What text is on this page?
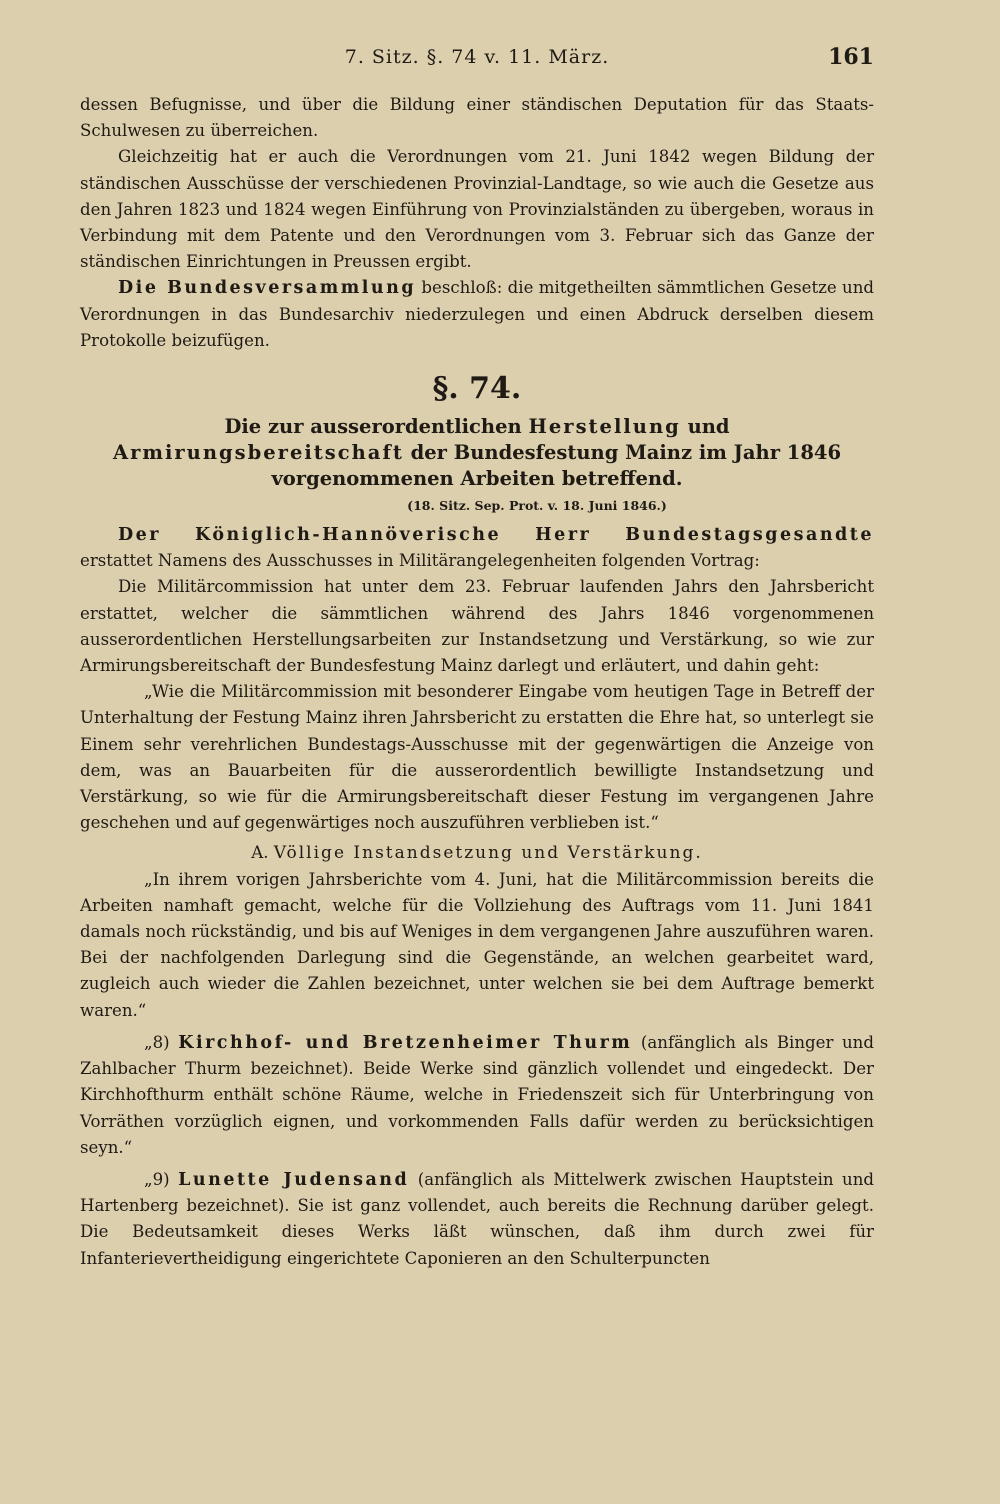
7. Sitz. §. 74 v. 11. März.	161

dessen Befugnisse, und über die Bildung einer ständischen Deputation für das Staats-Schulwesen zu überreichen.

Gleichzeitig hat er auch die Verordnungen vom 21. Juni 1842 wegen Bildung der ständischen Ausschüsse der verschiedenen Provinzial-Landtage, so wie auch die Gesetze aus den Jahren 1823 und 1824 wegen Einführung von Provinzialständen zu übergeben, woraus in Verbindung mit dem Patente und den Verordnungen vom 3. Februar sich das Ganze der ständischen Einrichtungen in Preussen ergibt.

Die Bundesversammlung beschloß: die mitgetheilten sämmtlichen Gesetze und Verordnungen in das Bundesarchiv niederzulegen und einen Abdruck derselben diesem Protokolle beizufügen.

§. 74.
Die zur ausserordentlichen Herstellung und Armirungsbereitschaft der Bundesfestung Mainz im Jahr 1846 vorgenommenen Arbeiten betreffend.
(18. Sitz. Sep. Prot. v. 18. Juni 1846.)

Der Königlich-Hannöverische Herr Bundestagsgesandte erstattet Namens des Ausschusses in Militärangelegenheiten folgenden Vortrag:

Die Militärcommission hat unter dem 23. Februar laufenden Jahrs den Jahrsbericht erstattet, welcher die sämmtlichen während des Jahrs 1846 vorgenommenen ausserordentlichen Herstellungsarbeiten zur Instandsetzung und Verstärkung, so wie zur Armirungsbereitschaft der Bundesfestung Mainz darlegt und erläutert, und dahin geht:

„Wie die Militärcommission mit besonderer Eingabe vom heutigen Tage in Betreff der Unterhaltung der Festung Mainz ihren Jahrsbericht zu erstatten die Ehre hat, so unterlegt sie Einem sehr verehrlichen Bundestags-Ausschusse mit der gegenwärtigen die Anzeige von dem, was an Bauarbeiten für die ausserordentlich bewilligte Instandsetzung und Verstärkung, so wie für die Armirungsbereitschaft dieser Festung im vergangenen Jahre geschehen und auf gegenwärtiges noch auszuführen verblieben ist.“

A. Völlige Instandsetzung und Verstärkung.

„In ihrem vorigen Jahrsberichte vom 4. Juni, hat die Militärcommission bereits die Arbeiten namhaft gemacht, welche für die Vollziehung des Auftrags vom 11. Juni 1841 damals noch rückständig, und bis auf Weniges in dem vergangenen Jahre auszuführen waren. Bei der nachfolgenden Darlegung sind die Gegenstände, an welchen gearbeitet ward, zugleich auch wieder die Zahlen bezeichnet, unter welchen sie bei dem Auftrage bemerkt waren.“

„8) Kirchhof- und Bretzenheimer Thurm (anfänglich als Binger und Zahlbacher Thurm bezeichnet). Beide Werke sind gänzlich vollendet und eingedeckt. Der Kirchhofthurm enthält schöne Räume, welche in Friedenszeit sich für Unterbringung von Vorräthen vorzüglich eignen, und vorkommenden Falls dafür werden zu berücksichtigen seyn.“

„9) Lunette Judensand (anfänglich als Mittelwerk zwischen Hauptstein und Hartenberg bezeichnet). Sie ist ganz vollendet, auch bereits die Rechnung darüber gelegt. Die Bedeutsamkeit dieses Werks läßt wünschen, daß ihm durch zwei für Infanterievertheidigung eingerichtete Caponieren an den Schulterpuncten
